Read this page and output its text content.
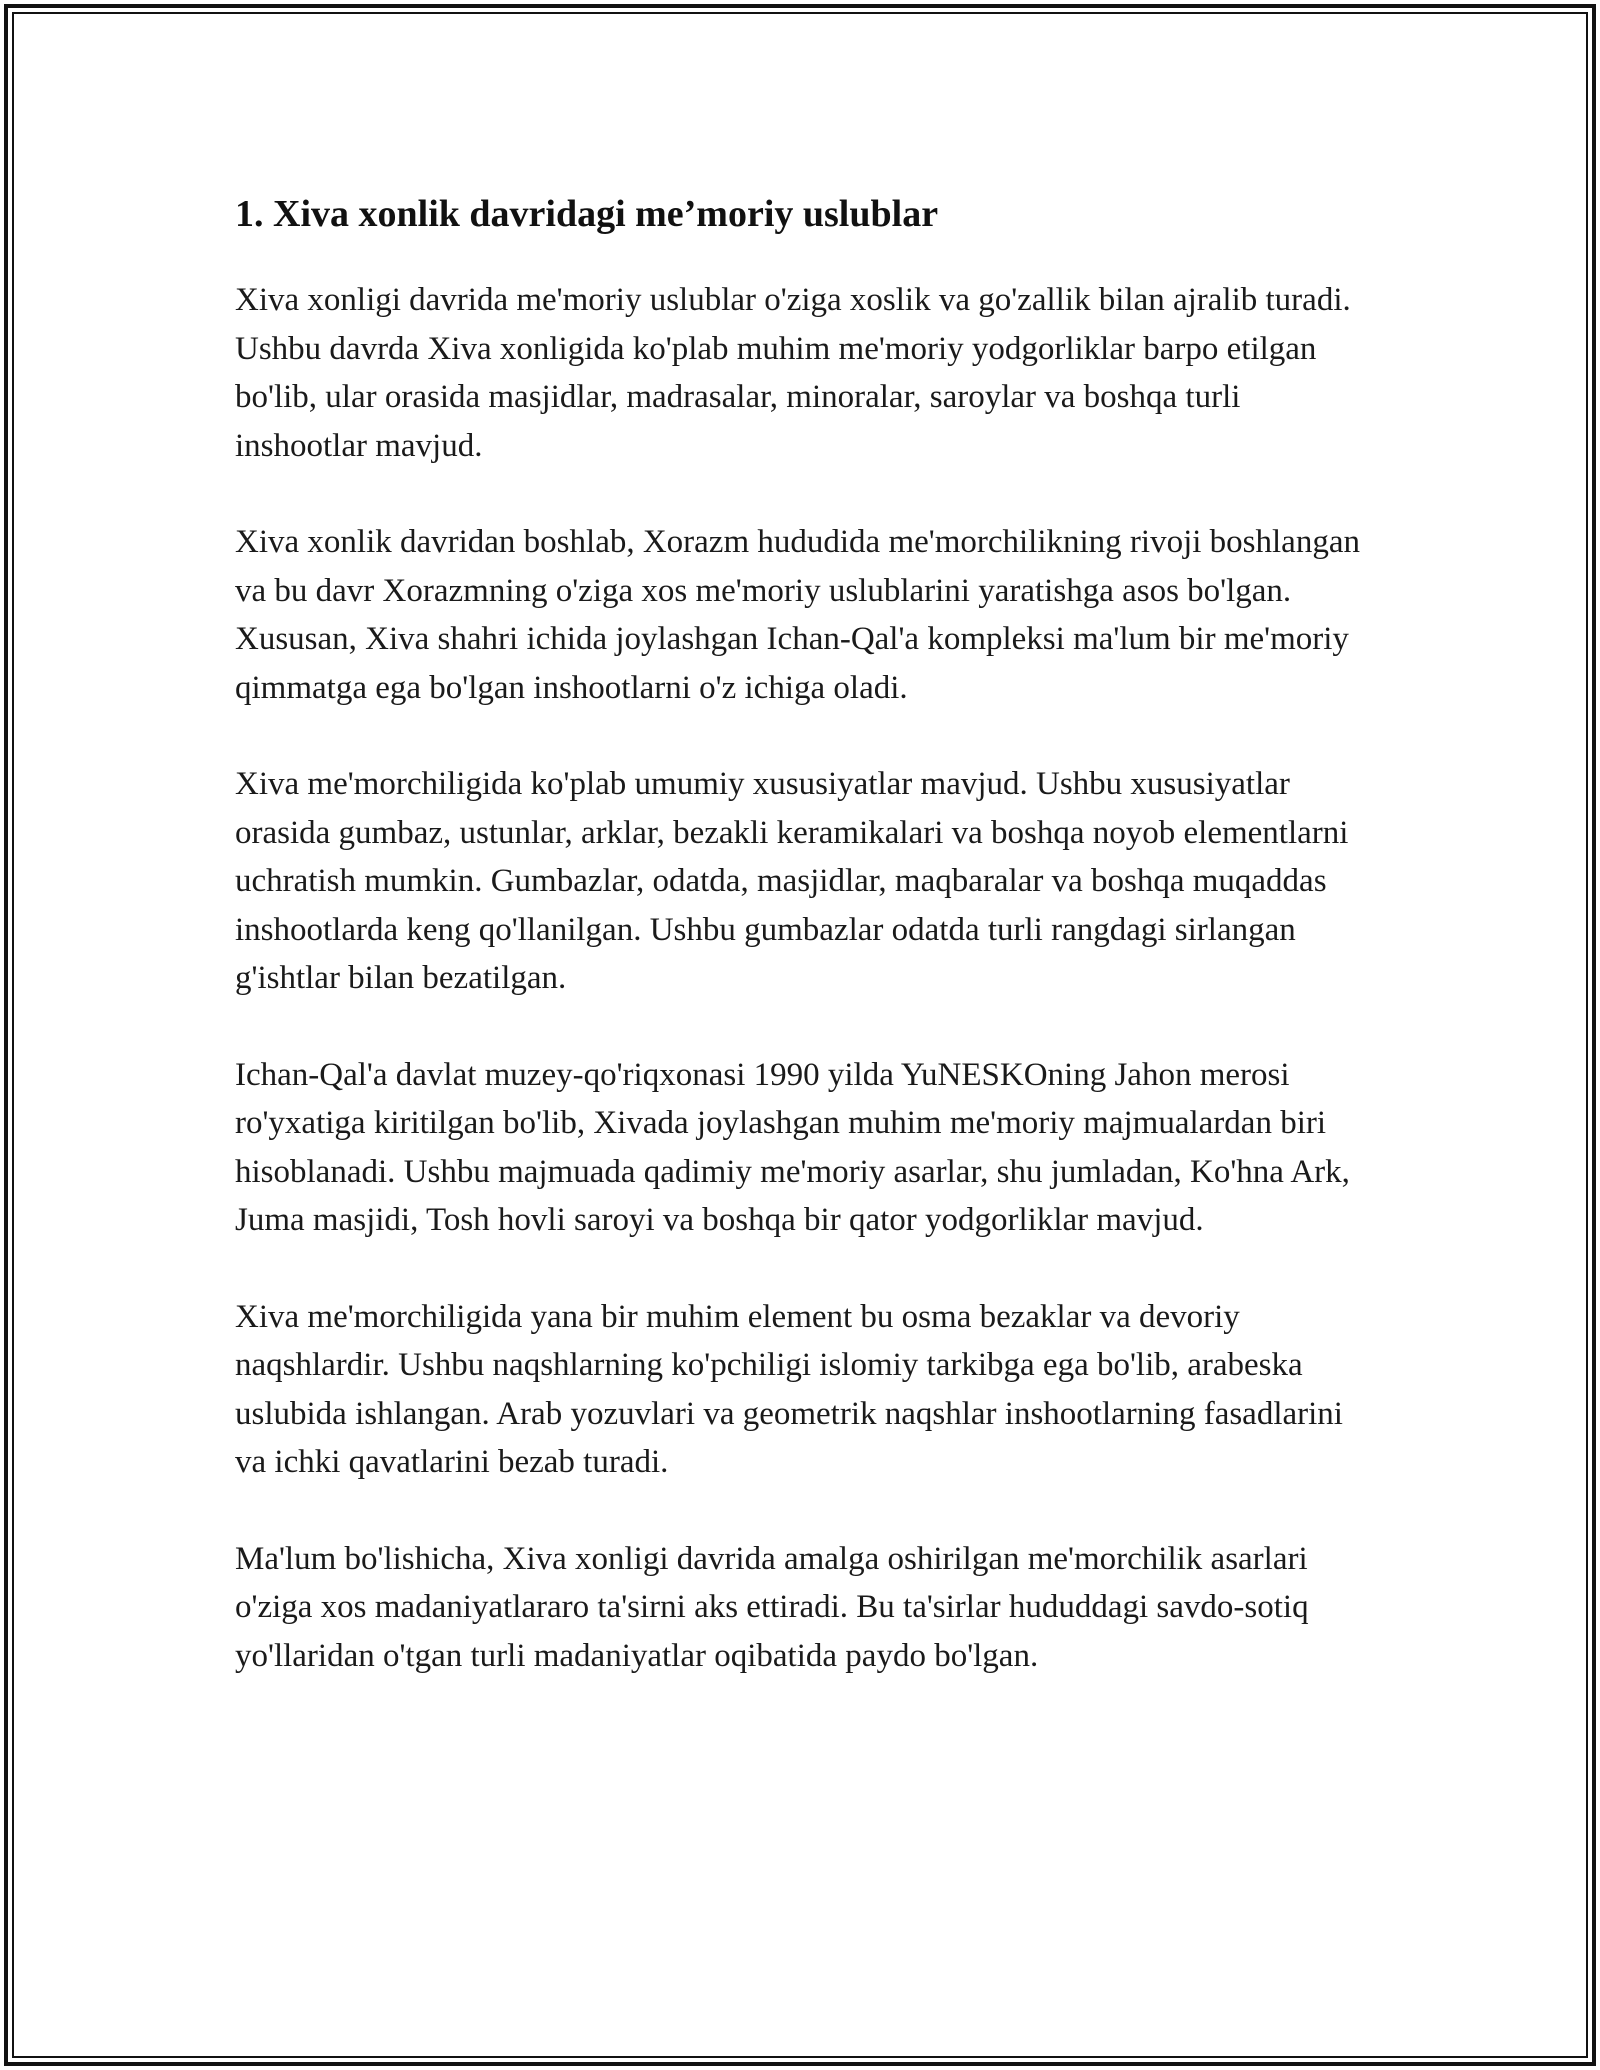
1. Xiva xonlik davridagi me’moriy uslublar

Xiva xonligi davrida me'moriy uslublar o'ziga xoslik va go'zallik bilan ajralib turadi. Ushbu davrda Xiva xonligida ko'plab muhim me'moriy yodgorliklar barpo etilgan bo'lib, ular orasida masjidlar, madrasalar, minoralar, saroylar va boshqa turli inshootlar mavjud.

Xiva xonlik davridan boshlab, Xorazm hududida me'morchilikning rivoji boshlangan va bu davr Xorazmning o'ziga xos me'moriy uslublarini yaratishga asos bo'lgan. Xususan, Xiva shahri ichida joylashgan Ichan-Qal'a kompleksi ma'lum bir me'moriy qimmatga ega bo'lgan inshootlarni o'z ichiga oladi.

Xiva me'morchiligida ko'plab umumiy xususiyatlar mavjud. Ushbu xususiyatlar orasida gumbaz, ustunlar, arklar, bezakli keramikalari va boshqa noyob elementlarni uchratish mumkin. Gumbazlar, odatda, masjidlar, maqbaralar va boshqa muqaddas inshootlarda keng qo'llanilgan. Ushbu gumbazlar odatda turli rangdagi sirlangan g'ishtlar bilan bezatilgan.

Ichan-Qal'a davlat muzey-qo'riqxonasi 1990 yilda YuNESKOning Jahon merosi ro'yxatiga kiritilgan bo'lib, Xivada joylashgan muhim me'moriy majmualardan biri hisoblanadi. Ushbu majmuada qadimiy me'moriy asarlar, shu jumladan, Ko'hna Ark, Juma masjidi, Tosh hovli saroyi va boshqa bir qator yodgorliklar mavjud.

Xiva me'morchiligida yana bir muhim element bu osma bezaklar va devoriy naqshlardir. Ushbu naqshlarning ko'pchiligi islomiy tarkibga ega bo'lib, arabeska uslubida ishlangan. Arab yozuvlari va geometrik naqshlar inshootlarning fasadlarini va ichki qavatlarini bezab turadi.

Ma'lum bo'lishicha, Xiva xonligi davrida amalga oshirilgan me'morchilik asarlari o'ziga xos madaniyatlararo ta'sirni aks ettiradi. Bu ta'sirlar hududdagi savdo-sotiq yo'llaridan o'tgan turli madaniyatlar oqibatida paydo bo'lgan.
